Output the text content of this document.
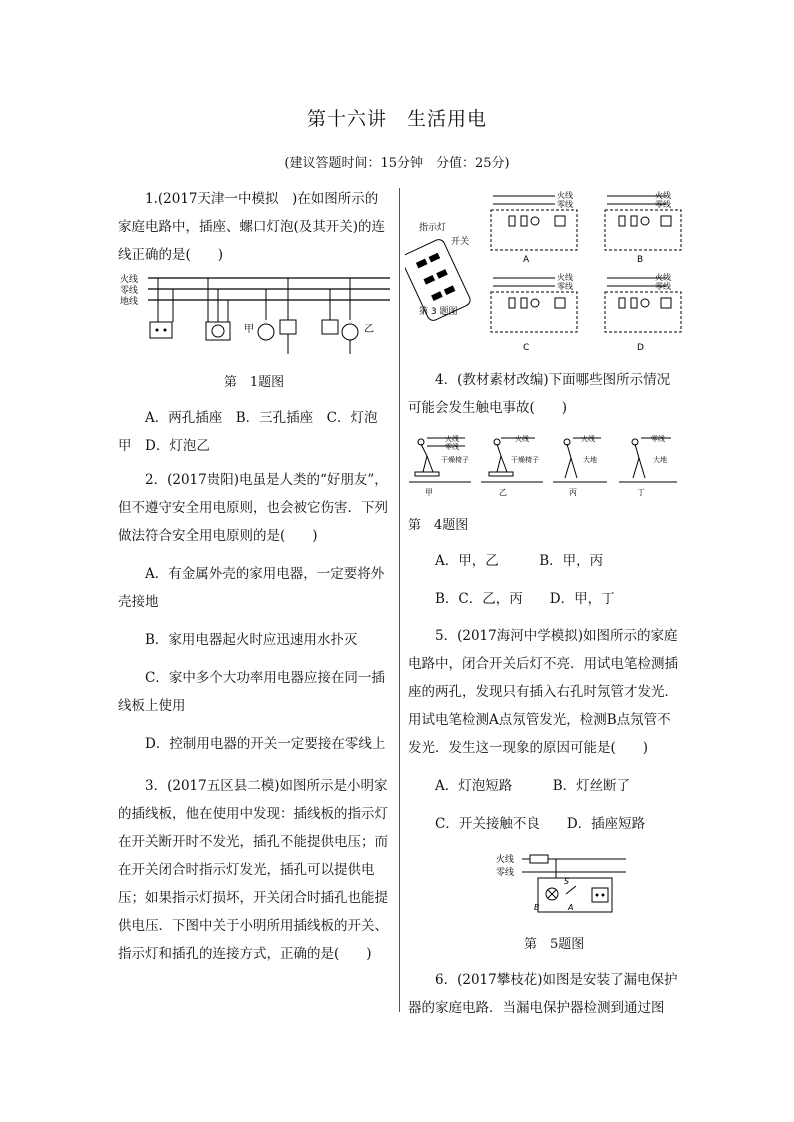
第十六讲　生活用电
(建议答题时间：15分钟　分值：25分)

1.(2017天津一中模拟　)在如图所示的家庭电路中，插座、螺口灯泡(及其开关)的连线正确的是(　　)

火线
零线
地线
甲	乙
第　1题图

A．两孔插座　B．三孔插座　C．灯泡

甲　D．灯泡乙

2．(2017贵阳)电虽是人类的“好朋友”，但不遵守安全用电原则，也会被它伤害．下列做法符合安全用电原则的是(　　)

A．有金属外壳的家用电器，一定要将外壳接地

B．家用电器起火时应迅速用水扑灭

C．家中多个大功率用电器应接在同一插线板上使用

D．控制用电器的开关一定要接在零线上

3．(2017五区县二模)如图所示是小明家的插线板，他在使用中发现：插线板的指示灯在开关断开时不发光，插孔不能提供电压；而在开关闭合时指示灯发光，插孔可以提供电压；如果指示灯损坏，开关闭合时插孔也能提供电压．下图中关于小明所用插线板的开关、指示灯和插孔的连接方式，正确的是(　　)

指示灯
开关
第 3 题图
火线
零线
A
火线
零线
B
火线
零线
C
火线
零线
D

4．(教材素材改编)下面哪些图所示情况可能会发生触电事故(　　)

火线
零线
干燥椅子
甲
火线
干燥椅子
乙
火线
大地
丙
零线
大地
丁
第　4题图

A．甲，乙　　　B．甲，丙

B．C．乙，丙　　D．甲，丁

5．(2017海河中学模拟)如图所示的家庭电路中，闭合开关后灯不亮．用试电笔检测插座的两孔，发现只有插入右孔时氖管才发光．用试电笔检测A点氖管发光，检测B点氖管不发光．发生这一现象的原因可能是(　　)

A．灯泡短路　　　B．灯丝断了

C．开关接触不良　　D．插座短路

火线
零线
B
S
A
第　5题图

6．(2017攀枝花)如图是安装了漏电保护器的家庭电路．当漏电保护器检测到通过图
